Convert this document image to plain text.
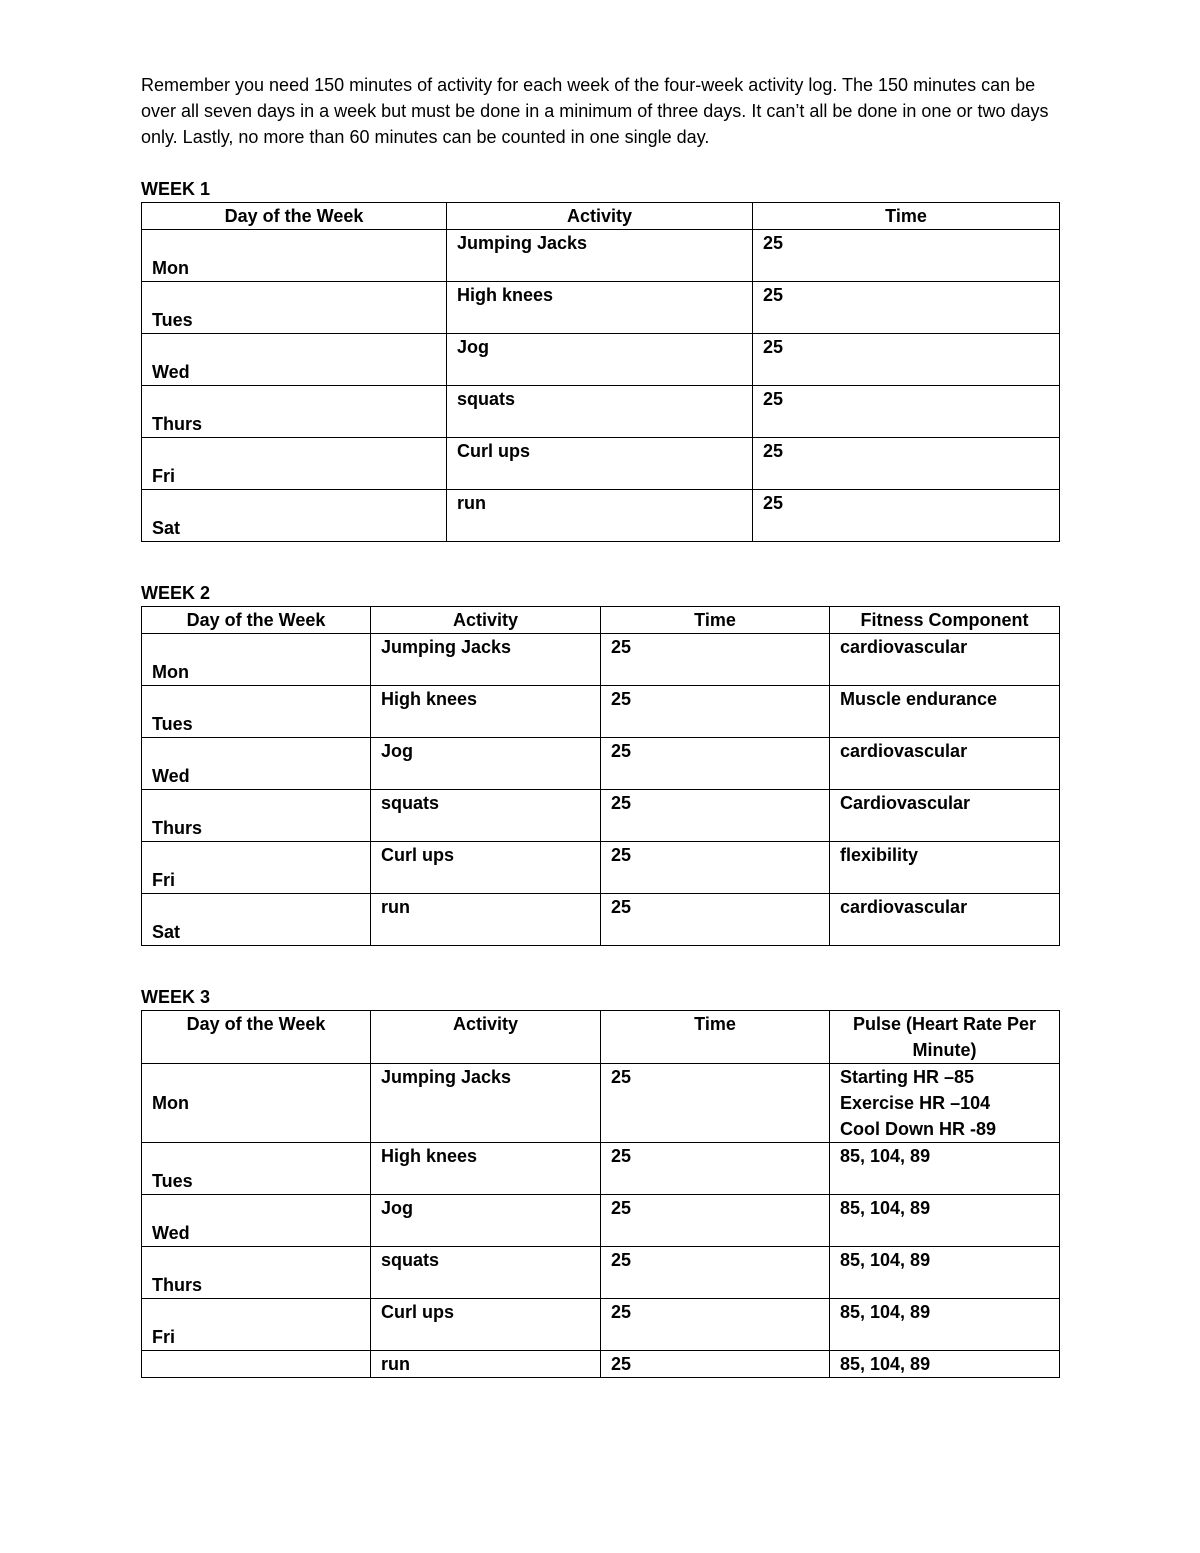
Remember you need 150 minutes of activity for each week of the four-week activity log. The 150 minutes can be over all seven days in a week but must be done in a minimum of three days. It can’t all be done in one or two days only. Lastly, no more than 60 minutes can be counted in one single day.

WEEK 1

Day of the Week	Activity	Time

Mon	Jumping Jacks	25

Tues	High knees	25

Wed	Jog	25

Thurs	squats	25

Fri	Curl ups	25

Sat	run	25

WEEK 2

Day of the Week	Activity	Time	Fitness Component

Mon	Jumping Jacks	25	cardiovascular

Tues	High knees	25	Muscle endurance

Wed	Jog	25	cardiovascular

Thurs	squats	25	Cardiovascular

Fri	Curl ups	25	flexibility

Sat	run	25	cardiovascular

WEEK 3

Day of the Week	Activity	Time	Pulse (Heart Rate Per Minute)

Mon	Jumping Jacks	25	Starting HR –85
Exercise HR –104
Cool Down HR -89

Tues	High knees	25	85, 104, 89

Wed	Jog	25	85, 104, 89

Thurs	squats	25	85, 104, 89

Fri	Curl ups	25	85, 104, 89
	run	25	85, 104, 89
